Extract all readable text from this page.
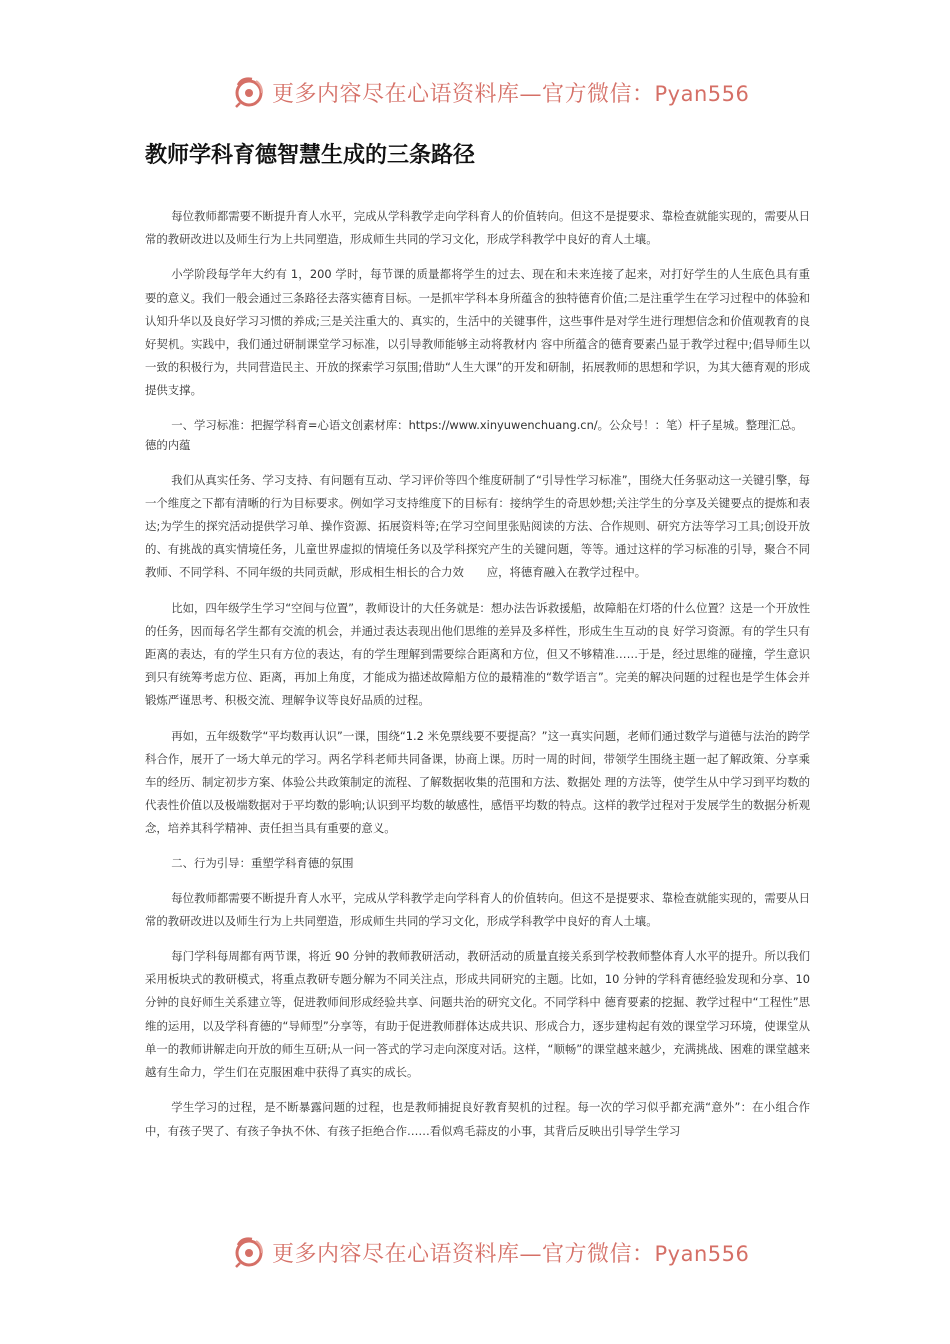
更多内容尽在心语资料库—官方微信：Pyan556
教师学科育德智慧生成的三条路径

每位教师都需要不断提升育人水平，完成从学科教学走向学科育人的价值转向。但这不是提要求、靠检查就能实现的，需要从日常的教研改进以及师生行为上共同塑造，形成师生共同的学习文化，形成学科教学中良好的育人土壤。

小学阶段每学年大约有 1，200 学时，每节课的质量都将学生的过去、现在和未来连接了起来，对打好学生的人生底色具有重要的意义。我们一般会通过三条路径去落实德育目标。一是抓牢学科本身所蕴含的独特德育价值;二是注重学生在学习过程中的体验和认知升华以及良好学习习惯的养成;三是关注重大的、真实的，生活中的关键事件，这些事件是对学生进行理想信念和价值观教育的良好契机。实践中，我们通过研制课堂学习标准，以引导教师能够主动将教材内 容中所蕴含的德育要素凸显于教学过程中;倡导师生以一致的积极行为，共同营造民主、开放的探索学习氛围;借助“人生大课”的开发和研制，拓展教师的思想和学识，为其大德育观的形成提供支撑。

一、学习标准：把握学科育=心语文创素材库：https://www.xinyuwenchuang.cn/。公众号！：笔）杆子星城。整理汇总。德的内蕴

我们从真实任务、学习支持、有问题有互动、学习评价等四个维度研制了“引导性学习标准”，围绕大任务驱动这一关键引擎，每一个维度之下都有清晰的行为目标要求。例如学习支持维度下的目标有：接纳学生的奇思妙想;关注学生的分享及关键要点的提炼和表达;为学生的探究活动提供学习单、操作资源、拓展资料等;在学习空间里张贴阅读的方法、合作规则、研究方法等学习工具;创设开放的、有挑战的真实情境任务，儿童世界虚拟的情境任务以及学科探究产生的关键问题，等等。通过这样的学习标准的引导，聚合不同教师、不同学科、不同年级的共同贡献，形成相生相长的合力效　　应，将德育融入在教学过程中。

比如，四年级学生学习“空间与位置”，教师设计的大任务就是：想办法告诉救援船，故障船在灯塔的什么位置？这是一个开放性的任务，因而每名学生都有交流的机会，并通过表达表现出他们思维的差异及多样性，形成生生互动的良 好学习资源。有的学生只有距离的表达，有的学生只有方位的表达，有的学生理解到需要综合距离和方位，但又不够精准……于是，经过思维的碰撞，学生意识到只有统筹考虑方位、距离，再加上角度，才能成为描述故障船方位的最精准的“数学语言”。完美的解决问题的过程也是学生体会并锻炼严谨思考、积极交流、理解争议等良好品质的过程。

再如，五年级数学“平均数再认识”一课，围绕“1.2 米免票线要不要提高？”这一真实问题，老师们通过数学与道德与法治的跨学科合作，展开了一场大单元的学习。两名学科老师共同备课，协商上课。历时一周的时间，带领学生围绕主题一起了解政策、分享乘车的经历、制定初步方案、体验公共政策制定的流程、了解数据收集的范围和方法、数据处 理的方法等，使学生从中学习到平均数的代表性价值以及极端数据对于平均数的影响;认识到平均数的敏感性，感悟平均数的特点。这样的教学过程对于发展学生的数据分析观念，培养其科学精神、责任担当具有重要的意义。

二、行为引导：重塑学科育德的氛围

每位教师都需要不断提升育人水平，完成从学科教学走向学科育人的价值转向。但这不是提要求、靠检查就能实现的，需要从日常的教研改进以及师生行为上共同塑造，形成师生共同的学习文化，形成学科教学中良好的育人土壤。

每门学科每周都有两节课，将近 90 分钟的教师教研活动，教研活动的质量直接关系到学校教师整体育人水平的提升。所以我们采用板块式的教研模式，将重点教研专题分解为不同关注点，形成共同研究的主题。比如，10 分钟的学科育德经验发现和分享、10 分钟的良好师生关系建立等，促进教师间形成经验共享、问题共治的研究文化。不同学科中 德育要素的挖掘、教学过程中“工程性”思维的运用，以及学科育德的“导师型”分享等，有助于促进教师群体达成共识、形成合力，逐步建构起有效的课堂学习环境，使课堂从单一的教师讲解走向开放的师生互研;从一问一答式的学习走向深度对话。这样，“顺畅”的课堂越来越少，充满挑战、困难的课堂越来越有生命力，学生们在克服困难中获得了真实的成长。

学生学习的过程，是不断暴露问题的过程，也是教师捕捉良好教育契机的过程。每一次的学习似乎都充满“意外”：在小组合作中，有孩子哭了、有孩子争执不休、有孩子拒绝合作……看似鸡毛蒜皮的小事，其背后反映出引导学生学习

更多内容尽在心语资料库—官方微信：Pyan556
